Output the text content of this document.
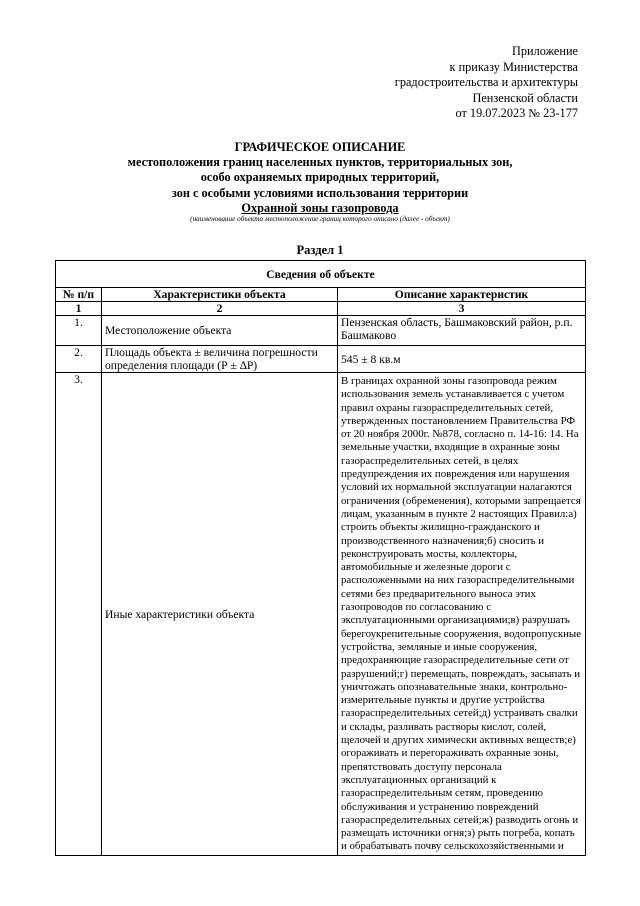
Приложение
к приказу Министерства
градостроительства и архитектуры
Пензенской области
от 19.07.2023 № 23-177
ГРАФИЧЕСКОЕ ОПИСАНИЕ
местоположения границ населенных пунктов, территориальных зон,
особо охраняемых природных территорий,
зон с особыми условиями использования территории
Охранной зоны газопровода
(наименование объекта местоположение границ которого описано (далее - объект)
Раздел 1
Сведения об объекте		
№ п/п	Характеристики объекта	Описание характеристик
1	2	3
1.	Местоположение объекта	Пензенская область, Башмаковский район, р.п. Башмаково
2.	Площадь объекта ± величина погрешности определения площади (Р ± ∆Р)	545 ± 8 кв.м
3.	Иные характеристики объекта	В границах охранной зоны газопровода режим использования земель устанавливается с учетом правил охраны газораспределительных сетей, утвержденных постановлением Правительства РФ от 20 ноября 2000г. №878, согласно п. 14-16: 14. На земельные участки, входящие в охранные зоны газораспределительных сетей, в целях предупреждения их повреждения или нарушения условий их нормальной эксплуатации налагаются ограничения (обременения), которыми запрещается лицам, указанным в пункте 2 настоящих Правил:а) строить объекты жилищно-гражданского и производственного назначения;б) сносить и реконструировать мосты, коллекторы, автомобильные и железные дороги с расположенными на них газораспределительными сетями без предварительного выноса этих газопроводов по согласованию с эксплуатационными организациями;в) разрушать берегоукрепительные сооружения, водопропускные устройства, земляные и иные сооружения, предохраняющие газораспределительные сети от разрушений;г) перемещать, повреждать, засыпать и уничтожать опознавательные знаки, контрольно-измерительные пункты и другие устройства газораспределительных сетей;д) устраивать свалки и склады, разливать растворы кислот, солей, щелочей и других химически активных веществ;е) огораживать и перегораживать охранные зоны, препятствовать доступу персонала эксплуатационных организаций к газораспределительным сетям, проведению обслуживания и устранению повреждений газораспределительных сетей;ж) разводить огонь и размещать источники огня;з) рыть погреба, копать и обрабатывать почву сельскохозяйственными и
